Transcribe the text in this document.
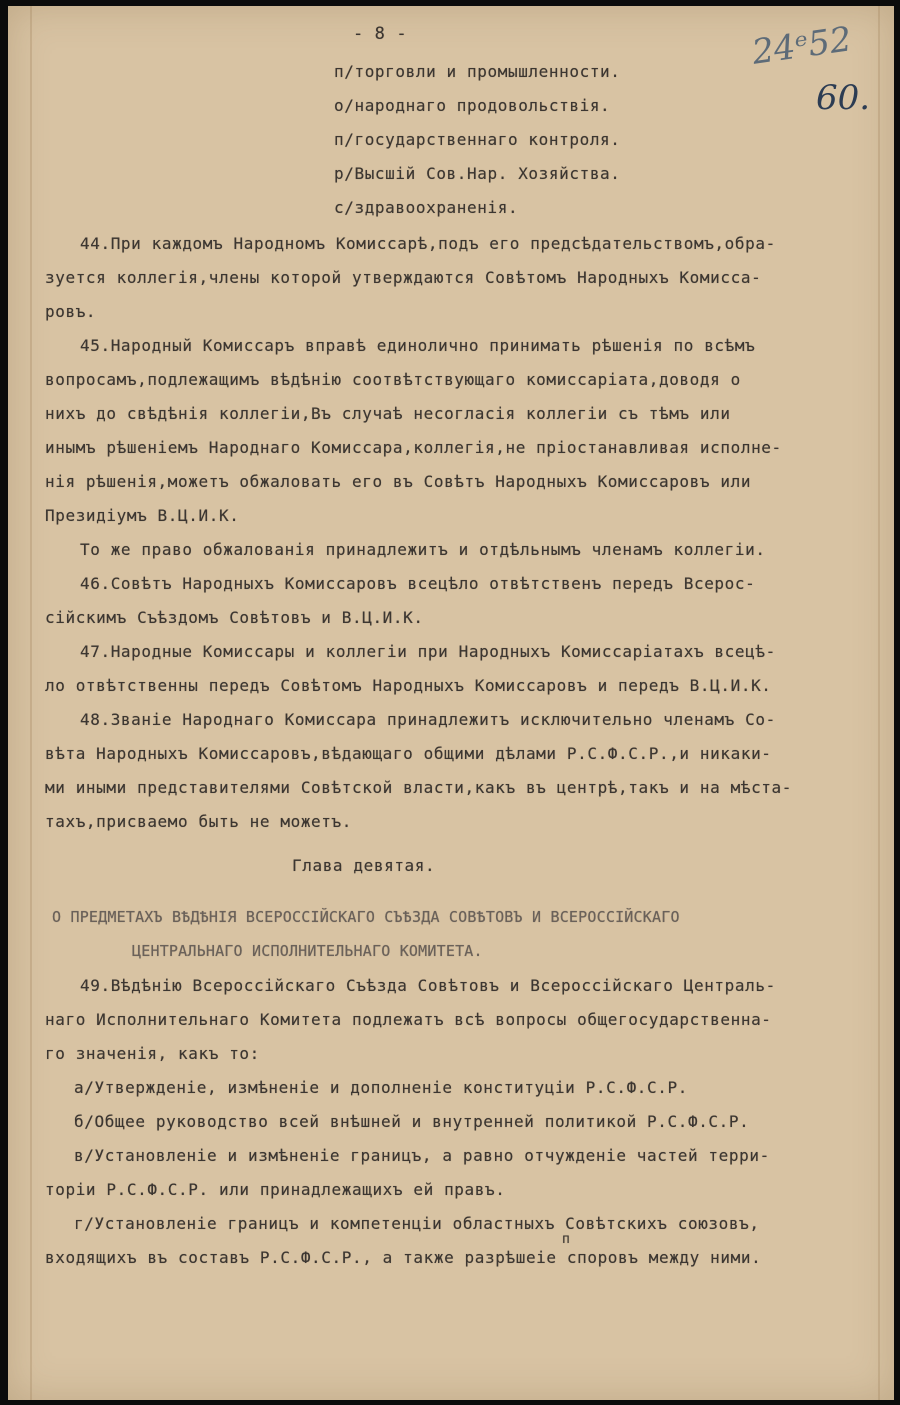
- 8 -	24ᵉ52
60.
п/торговли и промышленности.
о/народнаго продовольствія.
п/государственнаго контроля.
р/Высшій Сов.Нар. Хозяйства.
с/здравоохраненія.
44.При каждомъ Народномъ Комиссарѣ,подъ его предсѣдательствомъ,обра-
зуется коллегія,члены которой утверждаются Совѣтомъ Народныхъ Комисса-
ровъ.
45.Народный Комиссаръ вправѣ единолично принимать рѣшенія по всѣмъ
вопросамъ,подлежащимъ вѣдѣнію соотвѣтствующаго комиссаріата,доводя о
нихъ до свѣдѣнія коллегіи,Въ случаѣ несогласія коллегіи съ тѣмъ или
инымъ рѣшеніемъ Народнаго Комиссара,коллегія,не пріостанавливая исполне-
нія рѣшенія,можетъ обжаловать его въ Совѣтъ Народныхъ Комиссаровъ или
Президіумъ В.Ц.И.К.
То же право обжалованія принадлежитъ и отдѣльнымъ членамъ коллегіи.
46.Совѣтъ Народныхъ Комиссаровъ всецѣло отвѣтственъ передъ Всерос-
сійскимъ Съѣздомъ Совѣтовъ и В.Ц.И.К.
47.Народные Комиссары и коллегіи при Народныхъ Комиссаріатахъ всецѣ-
ло отвѣтственны передъ Совѣтомъ Народныхъ Комиссаровъ и передъ В.Ц.И.К.
48.Званіе Народнаго Комиссара принадлежитъ исключительно членамъ Со-
вѣта Народныхъ Комиссаровъ,вѣдающаго общими дѣлами Р.С.Ф.С.Р.,и никаки-
ми иными представителями Совѣтской власти,какъ въ центрѣ,такъ и на мѣста-
тахъ,присваемо быть не можетъ.
Глава девятая.
О ПРЕДМЕТАХЪ ВѢДѢНІЯ ВСЕРОССІЙСКАГО СЪѢЗДА СОВѢТОВЪ И ВСЕРОССІЙСКАГО
ЦЕНТРАЛЬНАГО ИСПОЛНИТЕЛЬНАГО КОМИТЕТА.
49.Вѣдѣнію Всероссійскаго Съѣзда Совѣтовъ и Всероссійскаго Централь-
наго Исполнительнаго Комитета подлежатъ всѣ вопросы общегосударственна-
го значенія, какъ то:
а/Утвержденіе, измѣненіе и дополненіе конституціи Р.С.Ф.С.Р.
б/Общее руководство всей внѣшней и внутренней политикой Р.С.Ф.С.Р.
в/Установленіе и измѣненіе границъ, а равно отчужденіе частей терри-
торіи Р.С.Ф.С.Р. или принадлежащихъ ей правъ.
г/Установленіе границъ и компетенціи областныхъ Совѣтскихъ союзовъ,
п
входящихъ въ составъ Р.С.Ф.С.Р., а также разрѣшеіе споровъ между ними.
